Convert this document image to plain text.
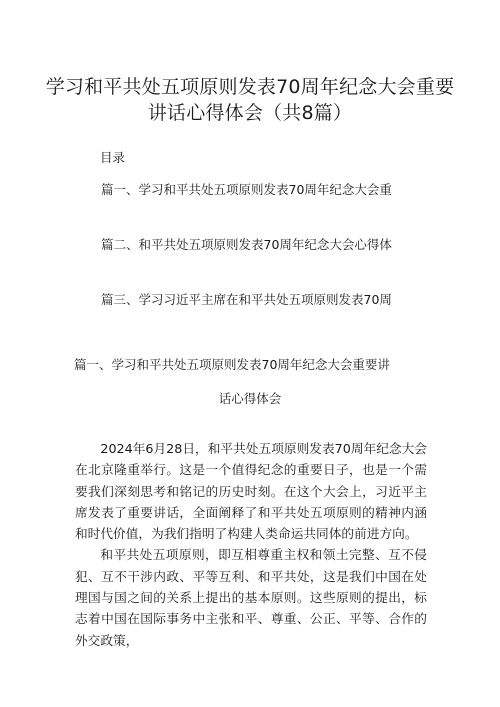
学习和平共处五项原则发表70周年纪念大会重要讲话心得体会（共8篇）
目录
篇一、学习和平共处五项原则发表70周年纪念大会重
篇二、和平共处五项原则发表70周年纪念大会心得体
篇三、学习习近平主席在和平共处五项原则发表70周
篇一、学习和平共处五项原则发表70周年纪念大会重要讲
话心得体会

2024年6月28日，和平共处五项原则发表70周年纪念大会在北京隆重举行。这是一个值得纪念的重要日子，也是一个需要我们深刻思考和铭记的历史时刻。在这个大会上，习近平主席发表了重要讲话，全面阐释了和平共处五项原则的精神内涵和时代价值，为我们指明了构建人类命运共同体的前进方向。

和平共处五项原则，即互相尊重主权和领土完整、互不侵犯、互不干涉内政、平等互利、和平共处，这是我们中国在处理国与国之间的关系上提出的基本原则。这些原则的提出，标志着中国在国际事务中主张和平、尊重、公正、平等、合作的外交政策，
